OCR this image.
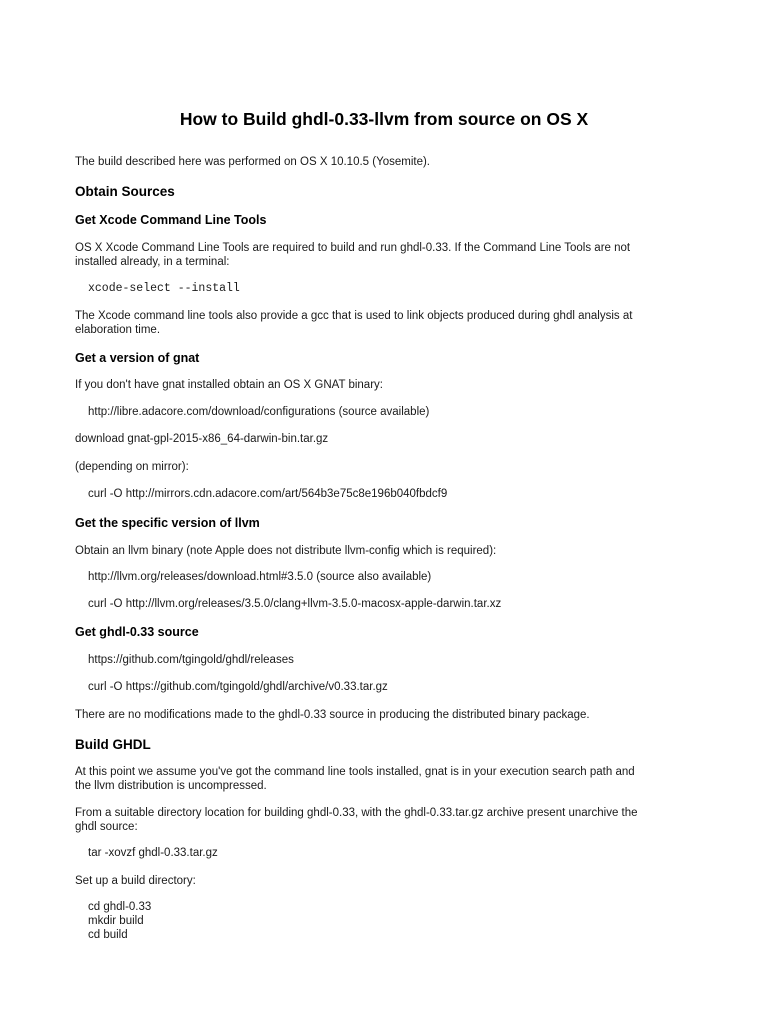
How to Build ghdl-0.33-llvm from source on OS X

The build described here was performed on OS X 10.10.5 (Yosemite).

Obtain Sources
Get Xcode Command Line Tools

OS X Xcode Command Line Tools are required to build and run ghdl-0.33. If the Command Line Tools are not

installed already, in a terminal:

xcode-select --install

The Xcode command line tools also provide a gcc that is used to link objects produced during ghdl analysis at

elaboration time.

Get a version of gnat

If you don't have gnat installed obtain an OS X GNAT binary:

http://libre.adacore.com/download/configurations (source available)

download gnat-gpl-2015-x86_64-darwin-bin.tar.gz

(depending on mirror):

curl -O http://mirrors.cdn.adacore.com/art/564b3e75c8e196b040fbdcf9

Get the specific version of llvm

Obtain an llvm binary (note Apple does not distribute llvm-config which is required):

http://llvm.org/releases/download.html#3.5.0 (source also available)

curl -O http://llvm.org/releases/3.5.0/clang+llvm-3.5.0-macosx-apple-darwin.tar.xz

Get ghdl-0.33 source

https://github.com/tgingold/ghdl/releases

curl -O https://github.com/tgingold/ghdl/archive/v0.33.tar.gz

There are no modifications made to the ghdl-0.33 source in producing the distributed binary package.

Build GHDL

At this point we assume you've got the command line tools installed, gnat is in your execution search path and

the llvm distribution is uncompressed.

From a suitable directory location for building ghdl-0.33, with the ghdl-0.33.tar.gz archive present unarchive the

ghdl source:

tar -xovzf ghdl-0.33.tar.gz

Set up a build directory:

cd ghdl-0.33

mkdir build

cd build
